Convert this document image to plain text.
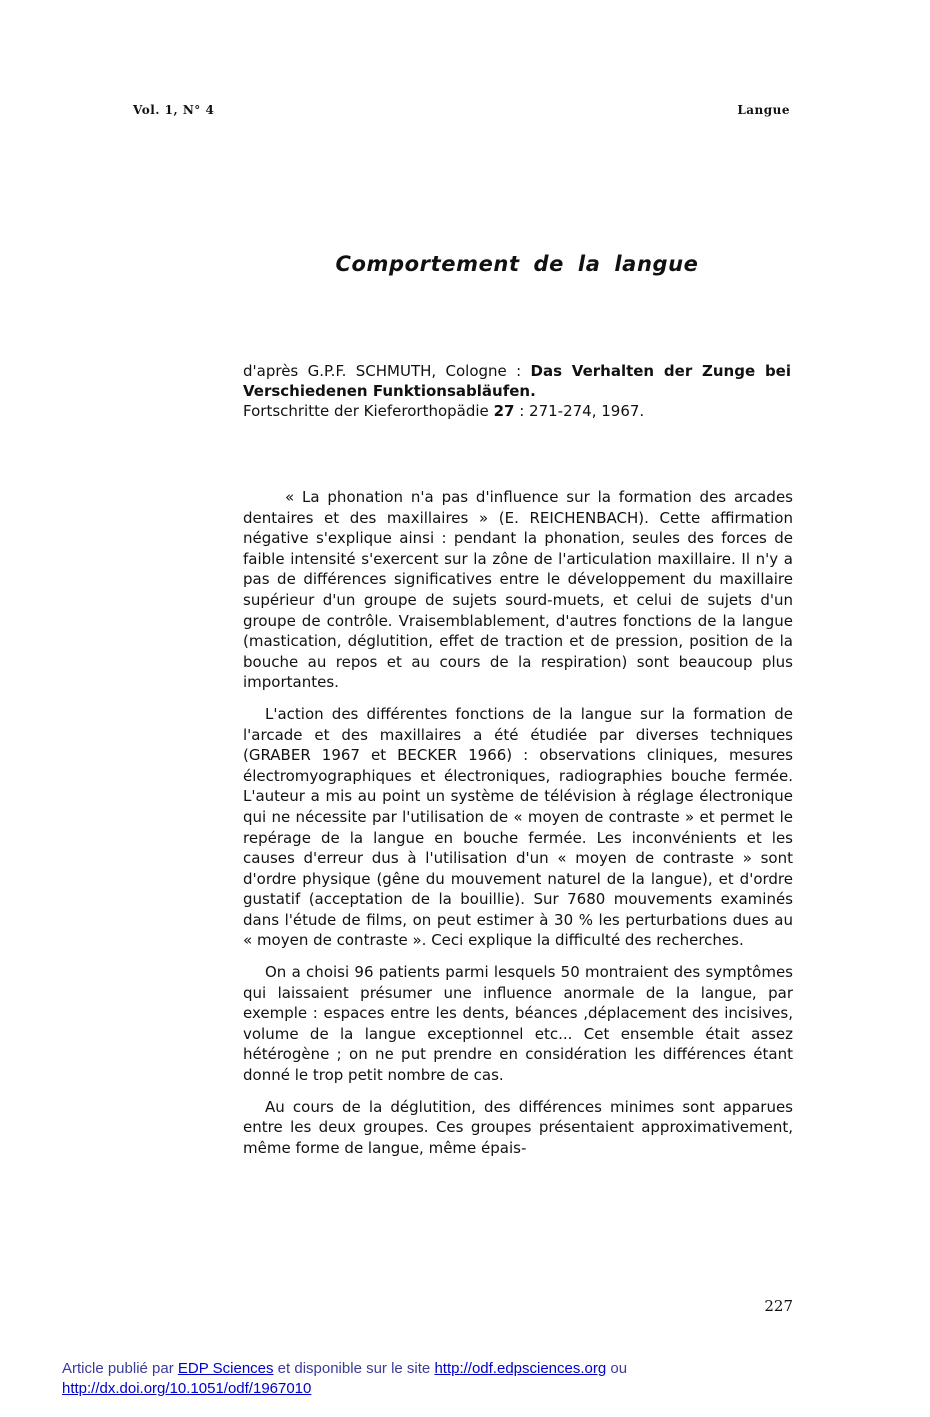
Vol. 1, N° 4	Langue
Comportement de la langue
d'après G.P.F. SCHMUTH, Cologne : Das Verhalten der Zunge bei Verschiedenen Funktionsabläufen.
Fortschritte der Kieferorthopädie 27 : 271-274, 1967.

« La phonation n'a pas d'influence sur la formation des arcades dentaires et des maxillaires » (E. REICHENBACH). Cette affirmation négative s'explique ainsi : pendant la phonation, seules des forces de faible intensité s'exercent sur la zône de l'articulation maxillaire. Il n'y a pas de différences significatives entre le développement du maxillaire supérieur d'un groupe de sujets sourd-muets, et celui de sujets d'un groupe de contrôle. Vraisemblablement, d'autres fonctions de la langue (mastication, déglutition, effet de traction et de pression, position de la bouche au repos et au cours de la respiration) sont beaucoup plus importantes.

L'action des différentes fonctions de la langue sur la formation de l'arcade et des maxillaires a été étudiée par diverses techniques (GRABER 1967 et BECKER 1966) : observations cliniques, mesures électromyographiques et électroniques, radiographies bouche fermée. L'auteur a mis au point un système de télévision à réglage électronique qui ne nécessite par l'utilisation de « moyen de contraste » et permet le repérage de la langue en bouche fermée. Les inconvénients et les causes d'erreur dus à l'utilisation d'un « moyen de contraste » sont d'ordre physique (gêne du mouvement naturel de la langue), et d'ordre gustatif (acceptation de la bouillie). Sur 7680 mouvements examinés dans l'étude de films, on peut estimer à 30 % les perturbations dues au « moyen de contraste ». Ceci explique la difficulté des recherches.

On a choisi 96 patients parmi lesquels 50 montraient des symptômes qui laissaient présumer une influence anormale de la langue, par exemple : espaces entre les dents, béances ,déplacement des incisives, volume de la langue exceptionnel etc... Cet ensemble était assez hétérogène ; on ne put prendre en considération les différences étant donné le trop petit nombre de cas.

Au cours de la déglutition, des différences minimes sont apparues entre les deux groupes. Ces groupes présentaient approximativement, même forme de langue, même épais-

227
Article publié par EDP Sciences et disponible sur le site http://odf.edpsciences.org ou
http://dx.doi.org/10.1051/odf/1967010
